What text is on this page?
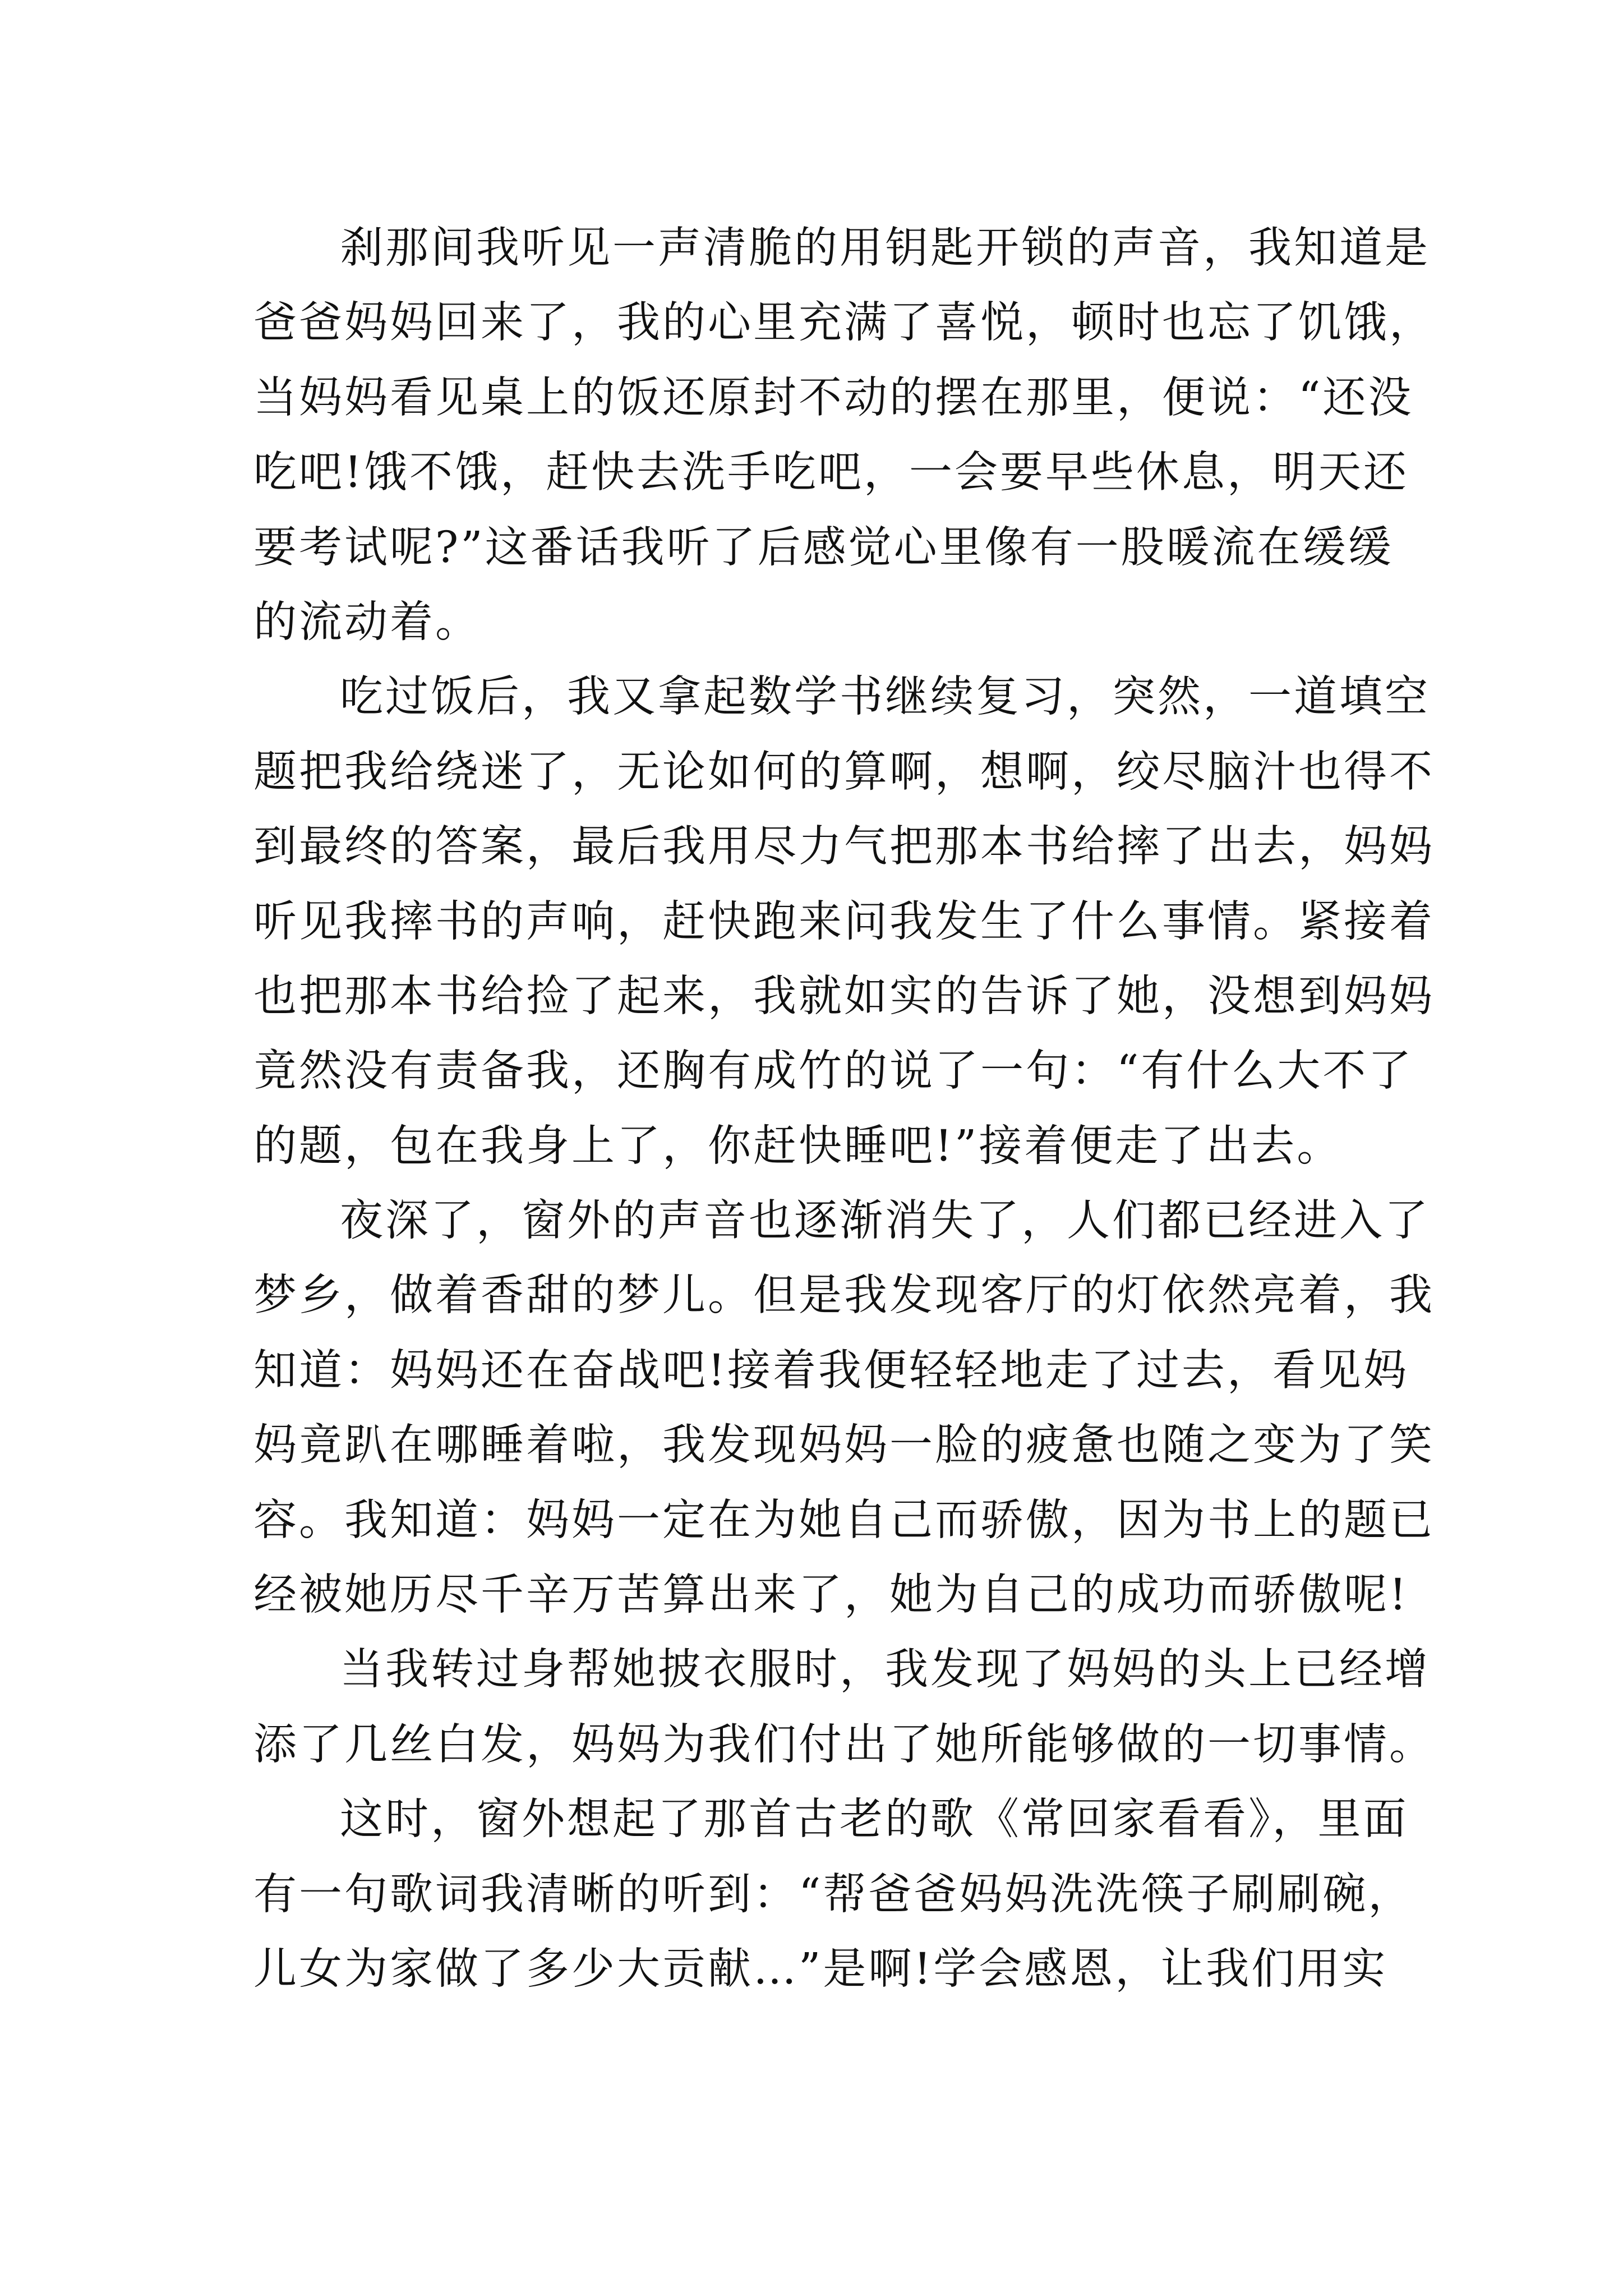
刹那间我听见一声清脆的用钥匙开锁的声音，我知道是
爸爸妈妈回来了，我的心里充满了喜悦，顿时也忘了饥饿，
当妈妈看见桌上的饭还原封不动的摆在那里，便说：“还没
吃吧!饿不饿，赶快去洗手吃吧，一会要早些休息，明天还
要考试呢?”这番话我听了后感觉心里像有一股暖流在缓缓
的流动着。
吃过饭后，我又拿起数学书继续复习，突然，一道填空
题把我给绕迷了，无论如何的算啊，想啊，绞尽脑汁也得不
到最终的答案，最后我用尽力气把那本书给摔了出去，妈妈
听见我摔书的声响，赶快跑来问我发生了什么事情。紧接着
也把那本书给捡了起来，我就如实的告诉了她，没想到妈妈
竟然没有责备我，还胸有成竹的说了一句：“有什么大不了
的题，包在我身上了，你赶快睡吧!”接着便走了出去。
夜深了，窗外的声音也逐渐消失了，人们都已经进入了
梦乡，做着香甜的梦儿。但是我发现客厅的灯依然亮着，我
知道：妈妈还在奋战吧!接着我便轻轻地走了过去，看见妈
妈竟趴在哪睡着啦，我发现妈妈一脸的疲惫也随之变为了笑
容。我知道：妈妈一定在为她自己而骄傲，因为书上的题已
经被她历尽千辛万苦算出来了，她为自己的成功而骄傲呢!
当我转过身帮她披衣服时，我发现了妈妈的头上已经增
添了几丝白发，妈妈为我们付出了她所能够做的一切事情。
这时，窗外想起了那首古老的歌《常回家看看》，里面
有一句歌词我清晰的听到：“帮爸爸妈妈洗洗筷子刷刷碗，
儿女为家做了多少大贡献…”是啊!学会感恩，让我们用实
